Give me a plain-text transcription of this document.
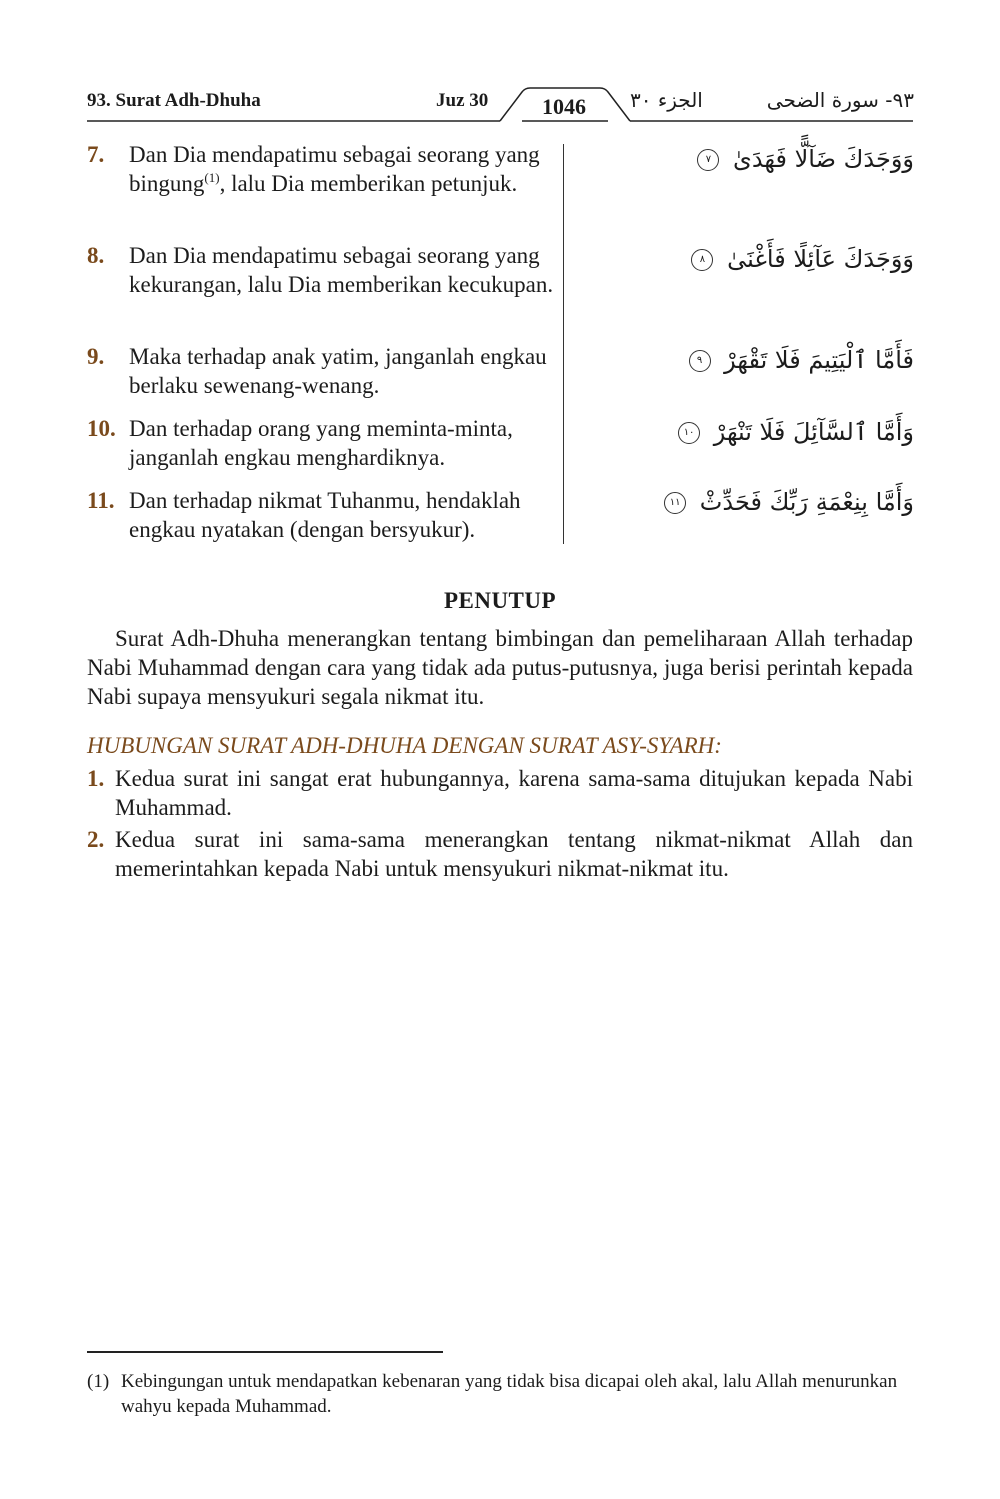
93. Surat Adh-Dhuha	Juz 30 1046 الجزء ٣٠	٩٣- سورة الضحى
7. Dan Dia mendapatimu sebagai seorang yang bingung$^{(1)}$, lalu Dia memberikan petunjuk.
وَوَجَدَكَ ضَآلًّا فَهَدَىٰ ٧
8. Dan Dia mendapatimu sebagai seorang yang kekurangan, lalu Dia memberikan kecukupan.
وَوَجَدَكَ عَآئِلًا فَأَغْنَىٰ ٨
9. Maka terhadap anak yatim, janganlah engkau berlaku sewenang-wenang.
فَأَمَّا ٱلْيَتِيمَ فَلَا تَقْهَرْ ٩
10. Dan terhadap orang yang meminta-minta, janganlah engkau menghardiknya.
وَأَمَّا ٱلسَّآئِلَ فَلَا تَنْهَرْ ١٠
11. Dan terhadap nikmat Tuhanmu, hendaklah engkau nyatakan (dengan bersyukur).
وَأَمَّا بِنِعْمَةِ رَبِّكَ فَحَدِّثْ ١١
PENUTUP
Surat Adh-Dhuha menerangkan tentang bimbingan dan pemeliharaan Allah terhadap Nabi Muhammad dengan cara yang tidak ada putus-putusnya, juga berisi perintah kepada Nabi supaya mensyukuri segala nikmat itu.
HUBUNGAN SURAT ADH-DHUHA DENGAN SURAT ASY-SYARH:
1. Kedua surat ini sangat erat hubungannya, karena sama-sama ditujukan kepada Nabi Muhammad.
2. Kedua surat ini sama-sama menerangkan tentang nikmat-nikmat Allah dan memerintahkan kepada Nabi untuk mensyukuri nikmat-nikmat itu.
(1) Kebingungan untuk mendapatkan kebenaran yang tidak bisa dicapai oleh akal, lalu Allah menurunkan wahyu kepada Muhammad.
